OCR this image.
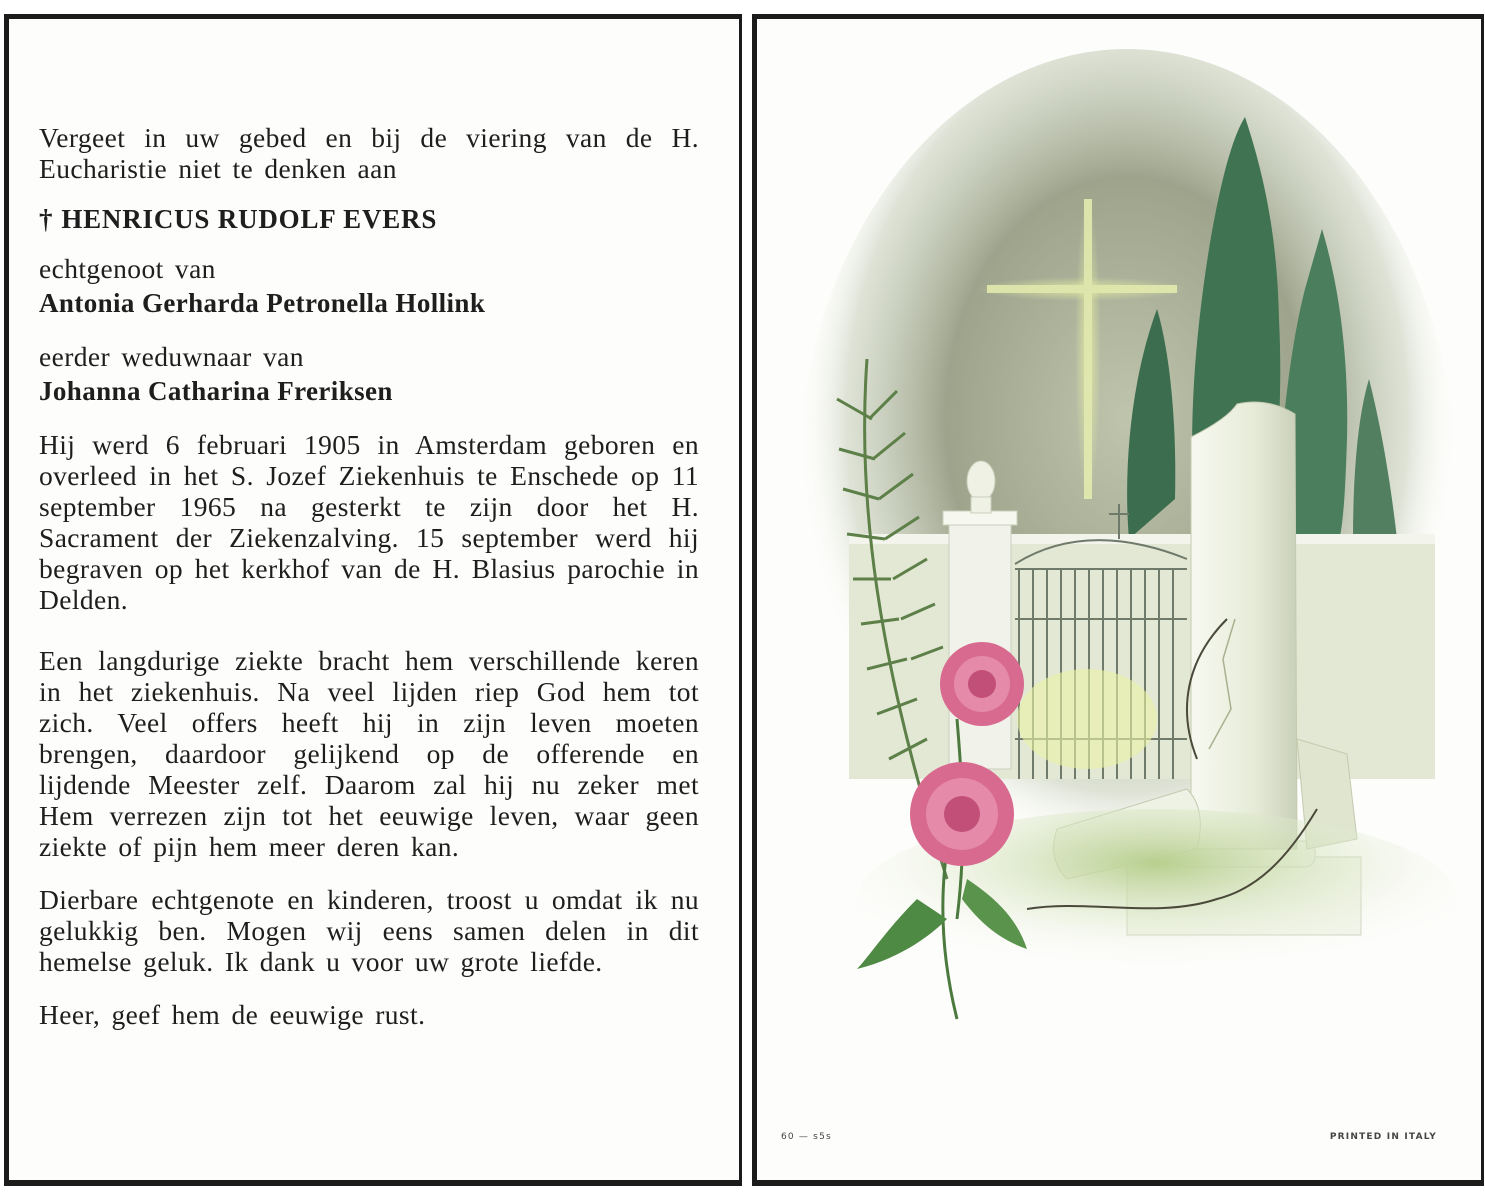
Vergeet in uw gebed en bij de viering van de H. Eucharistie niet te denken aan

† HENRICUS RUDOLF EVERS

echtgenoot van

Antonia Gerharda Petronella Hollink

eerder weduwnaar van

Johanna Catharina Freriksen

Hij werd 6 februari 1905 in Amsterdam geboren en overleed in het S. Jozef Ziekenhuis te Enschede op 11 september 1965 na gesterkt te zijn door het H. Sacrament der Ziekenzalving. 15 september werd hij begraven op het kerkhof van de H. Blasius parochie in Delden.

Een langdurige ziekte bracht hem verschillende keren in het ziekenhuis. Na veel lijden riep God hem tot zich. Veel offers heeft hij in zijn leven moeten brengen, daardoor gelijkend op de offerende en lijdende Meester zelf. Daarom zal hij nu zeker met Hem verrezen zijn tot het eeuwige leven, waar geen ziekte of pijn hem meer deren kan.

Dierbare echtgenote en kinderen, troost u omdat ik nu gelukkig ben. Mogen wij eens samen delen in dit hemelse geluk. Ik dank u voor uw grote liefde.

Heer, geef hem de eeuwige rust.

60 — s5s	PRINTED IN ITALY
